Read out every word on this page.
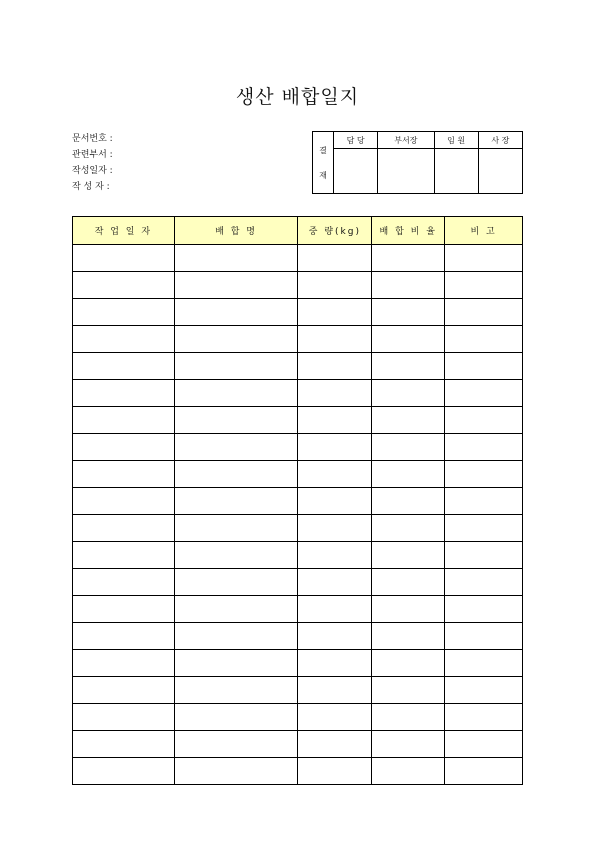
생산 배합일지
문서번호 :
관련부서 :
작성일자 :
작 성 자 :
결
재	담 당	부서장	임 원	사 장

작 업 일 자	배 합 명	중 량(kg)	배 합 비 율	비 고
